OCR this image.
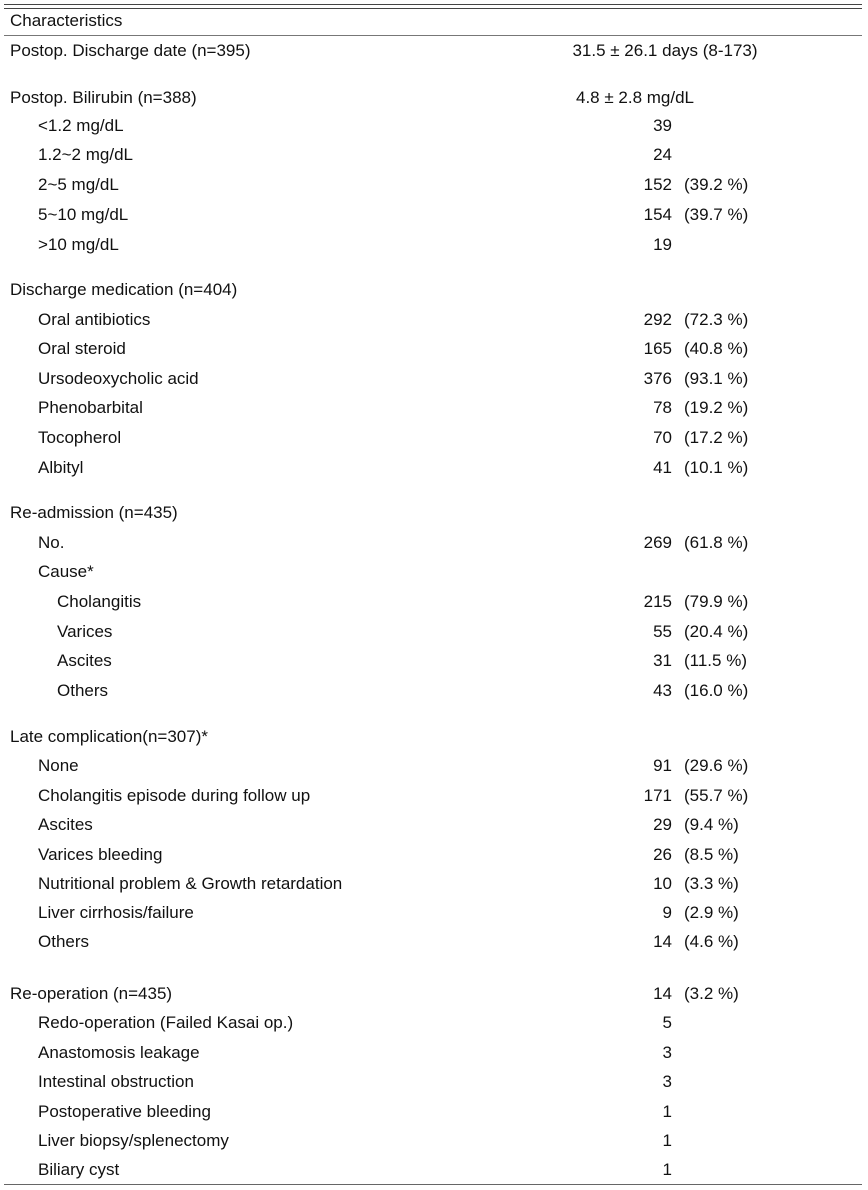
Characteristics
Postop. Discharge date (n=395)	31.5 ± 26.1 days (8-173)
Postop. Bilirubin (n=388)	4.8 ± 2.8 mg/dL
<1.2 mg/dL	39
1.2~2 mg/dL	24
2~5 mg/dL	152 (39.2 %)
5~10 mg/dL	154 (39.7 %)
>10 mg/dL	19
Discharge medication (n=404)
Oral antibiotics	292 (72.3 %)
Oral steroid	165 (40.8 %)
Ursodeoxycholic acid	376 (93.1 %)
Phenobarbital	78 (19.2 %)
Tocopherol	70 (17.2 %)
Albityl	41 (10.1 %)
Re-admission (n=435)
No.	269 (61.8 %)
Cause*
Cholangitis	215 (79.9 %)
Varices	55 (20.4 %)
Ascites	31 (11.5 %)
Others	43 (16.0 %)
Late complication(n=307)*
None	91 (29.6 %)
Cholangitis episode during follow up	171 (55.7 %)
Ascites	29 (9.4 %)
Varices bleeding	26 (8.5 %)
Nutritional problem & Growth retardation	10 (3.3 %)
Liver cirrhosis/failure	9 (2.9 %)
Others	14 (4.6 %)
Re-operation (n=435)	14 (3.2 %)
Redo-operation (Failed Kasai op.)	5
Anastomosis leakage	3
Intestinal obstruction	3
Postoperative bleeding	1
Liver biopsy/splenectomy	1
Biliary cyst	1
